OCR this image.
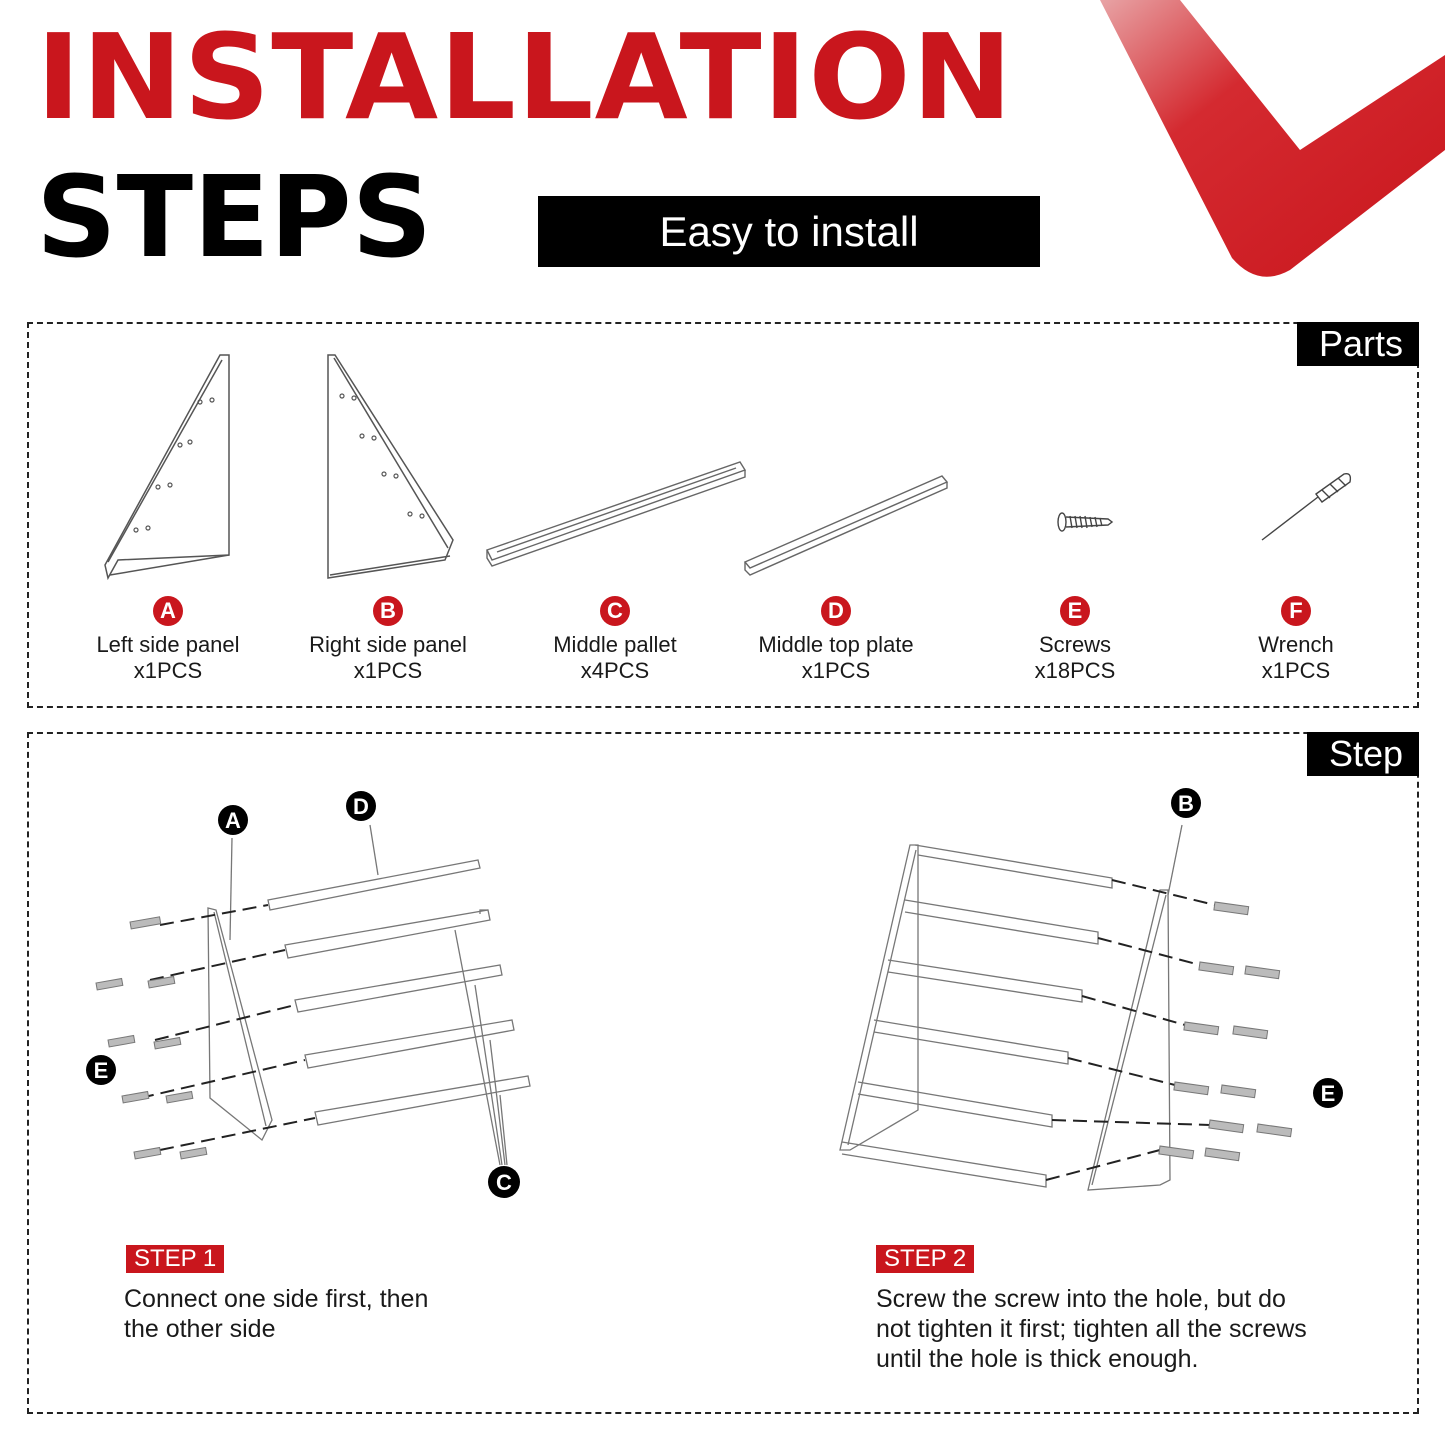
INSTALLATION
STEPS	Easy to install
Parts
A
Left side panel
x1PCS
B
Right side panel
x1PCS
C
Middle pallet
x4PCS
D
Middle top plate
x1PCS
E
Screws
x18PCS
F
Wrench
x1PCS
Step
A
D
E
C
B
E
STEP 1
Connect one side first, then
the other side
STEP 2
Screw the screw into the hole, but do
not tighten it first; tighten all the screws
until the hole is thick enough.
